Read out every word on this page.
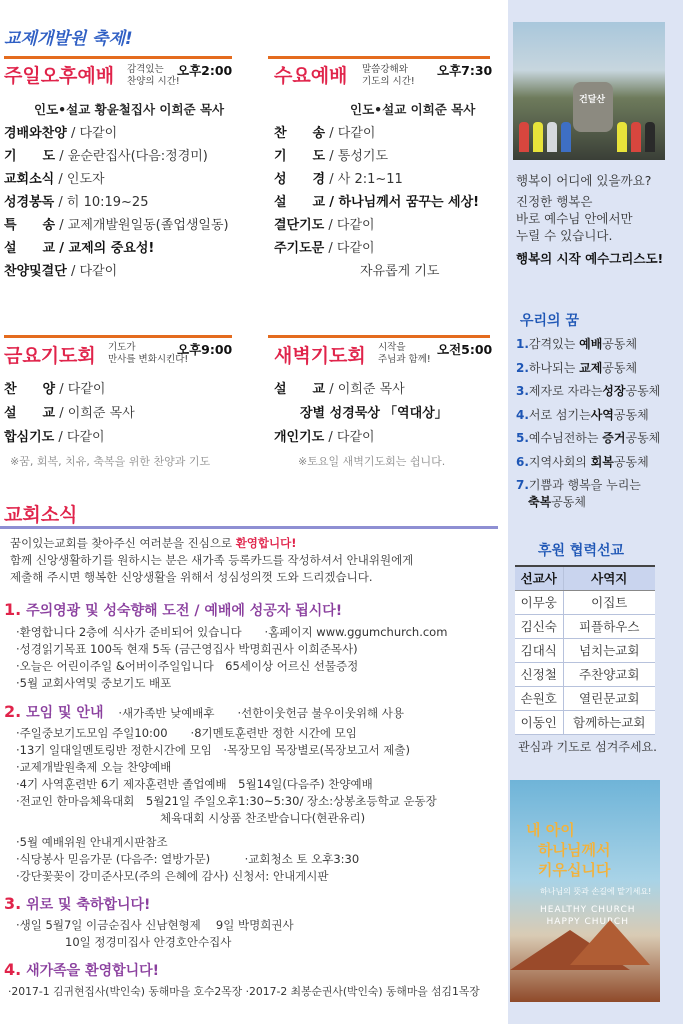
교제개발원 축제!
주일오후예배 감격있는
찬양의 시간!
오후2:00
인도•설교 황윤철집사 이희준 목사
경배와찬양 / 다같이
기　　도 / 윤순란집사(다음:정경미)
교회소식 / 인도자
성경봉독 / 히 10:19~25
특　　송 / 교제개발원일동(졸업생일동)
설　　교 / 교제의 중요성!
찬양및결단 / 다같이
수요예배 말씀강해와
기도의 시간!
오후7:30
인도•설교 이희준 목사
찬　　송 / 다같이
기　　도 / 통성기도
성　　경 / 사 2:1~11
설　　교 / 하나님께서 꿈꾸는 세상!
결단기도 / 다같이
주기도문 / 다같이
자유롭게 기도
금요기도회 기도가
만사를 변화시킨다!
오후9:00
찬　　양 / 다같이
설　　교 / 이희준 목사
합심기도 / 다같이
※꿈, 회복, 치유, 축복을 위한 찬양과 기도
새벽기도회 시작을
주님과 함께!
오전5:00
설　　교 / 이희준 목사
장별 성경묵상 「역대상」
개인기도 / 다같이
※토요일 새벽기도회는 쉽니다.
교회소식
꿈이있는교회를 찾아주신 여러분을 진심으로 환영합니다!
함께 신앙생활하기를 원하시는 분은 새가족 등록카드를 작성하셔서 안내위원에게
제출해 주시면 행복한 신앙생활을 위해서 성심성의껏 도와 드리겠습니다.
1. 주의영광 및 성숙향해 도전 / 예배에 성공자 됩시다!
·환영합니다 2층에 식사가 준비되어 있습니다　　·홈페이지 www.ggumchurch.com
·성경읽기목표 100독 현재 5독 (금근영집사 박명희권사 이희준목사)
·오늘은 어린이주일 &어버이주일입니다　65세이상 어르신 선물증정
·5월 교회사역및 중보기도 배포
2. 모임 및 안내 ·새가족반 낮예배후　　·선한이웃헌금 불우이웃위해 사용
·주일중보기도모임 주일10:00　　·8기멘토훈련반 정한 시간에 모임
·13기 일대일멘토링반 정한시간에 모임　·목장모임 목장별로(목장보고서 제출)
·교제개발원축제 오늘 찬양예배
·4기 사역훈련반 6기 제자훈련반 졸업예배　5월14일(다음주) 찬양예배
·전교인 한마음체육대회　5월21일 주일오후1:30~5:30/ 장소:상봉초등학교 운동장
체육대회 시상품 찬조받습니다(현관유리)
·5월 예배위원 안내게시판참조
·식당봉사 믿음가문 (다음주: 열방가문)　　　·교회청소 토 오후3:30
·강단꽃꽂이 강미준사모(주의 은혜에 감사) 신청서: 안내게시판
3. 위로 및 축하합니다!
·생일 5월7일 이금순집사 신남현형제　 9일 박명희권사
10일 정경미집사 안경호안수집사
4. 새가족을 환영합니다!
·2017-1 김귀현집사(박인숙) 동해마을 호수2목장 ·2017-2 최봉순권사(박인숙) 동해마을 섬김1목장
건달산
행복이 어디에 있을까요?
진정한 행복은
바로 예수님 안에서만
누릴 수 있습니다.
행복의 시작 예수그리스도!
우리의 꿈
1.감격있는 예배공동체
2.하나되는 교제공동체
3.제자로 자라는성장공동체
4.서로 섬기는사역공동체
5.예수님전하는 증거공동체
6.지역사회의 회복공동체
7.기쁨과 행복을 누리는
축복공동체
후원 협력선교
선교사	사역지
이무웅	이집트
김신숙	피플하우스
김대식	넘치는교회
신정철	주찬양교회
손원호	열린문교회
이동인	함께하는교회
관심과 기도로 섬겨주세요.
내 아이
하나님께서
키우십니다
하나님의 뜻과 손길에 맡기세요!
HEALTHY CHURCH
HAPPY CHURCH
